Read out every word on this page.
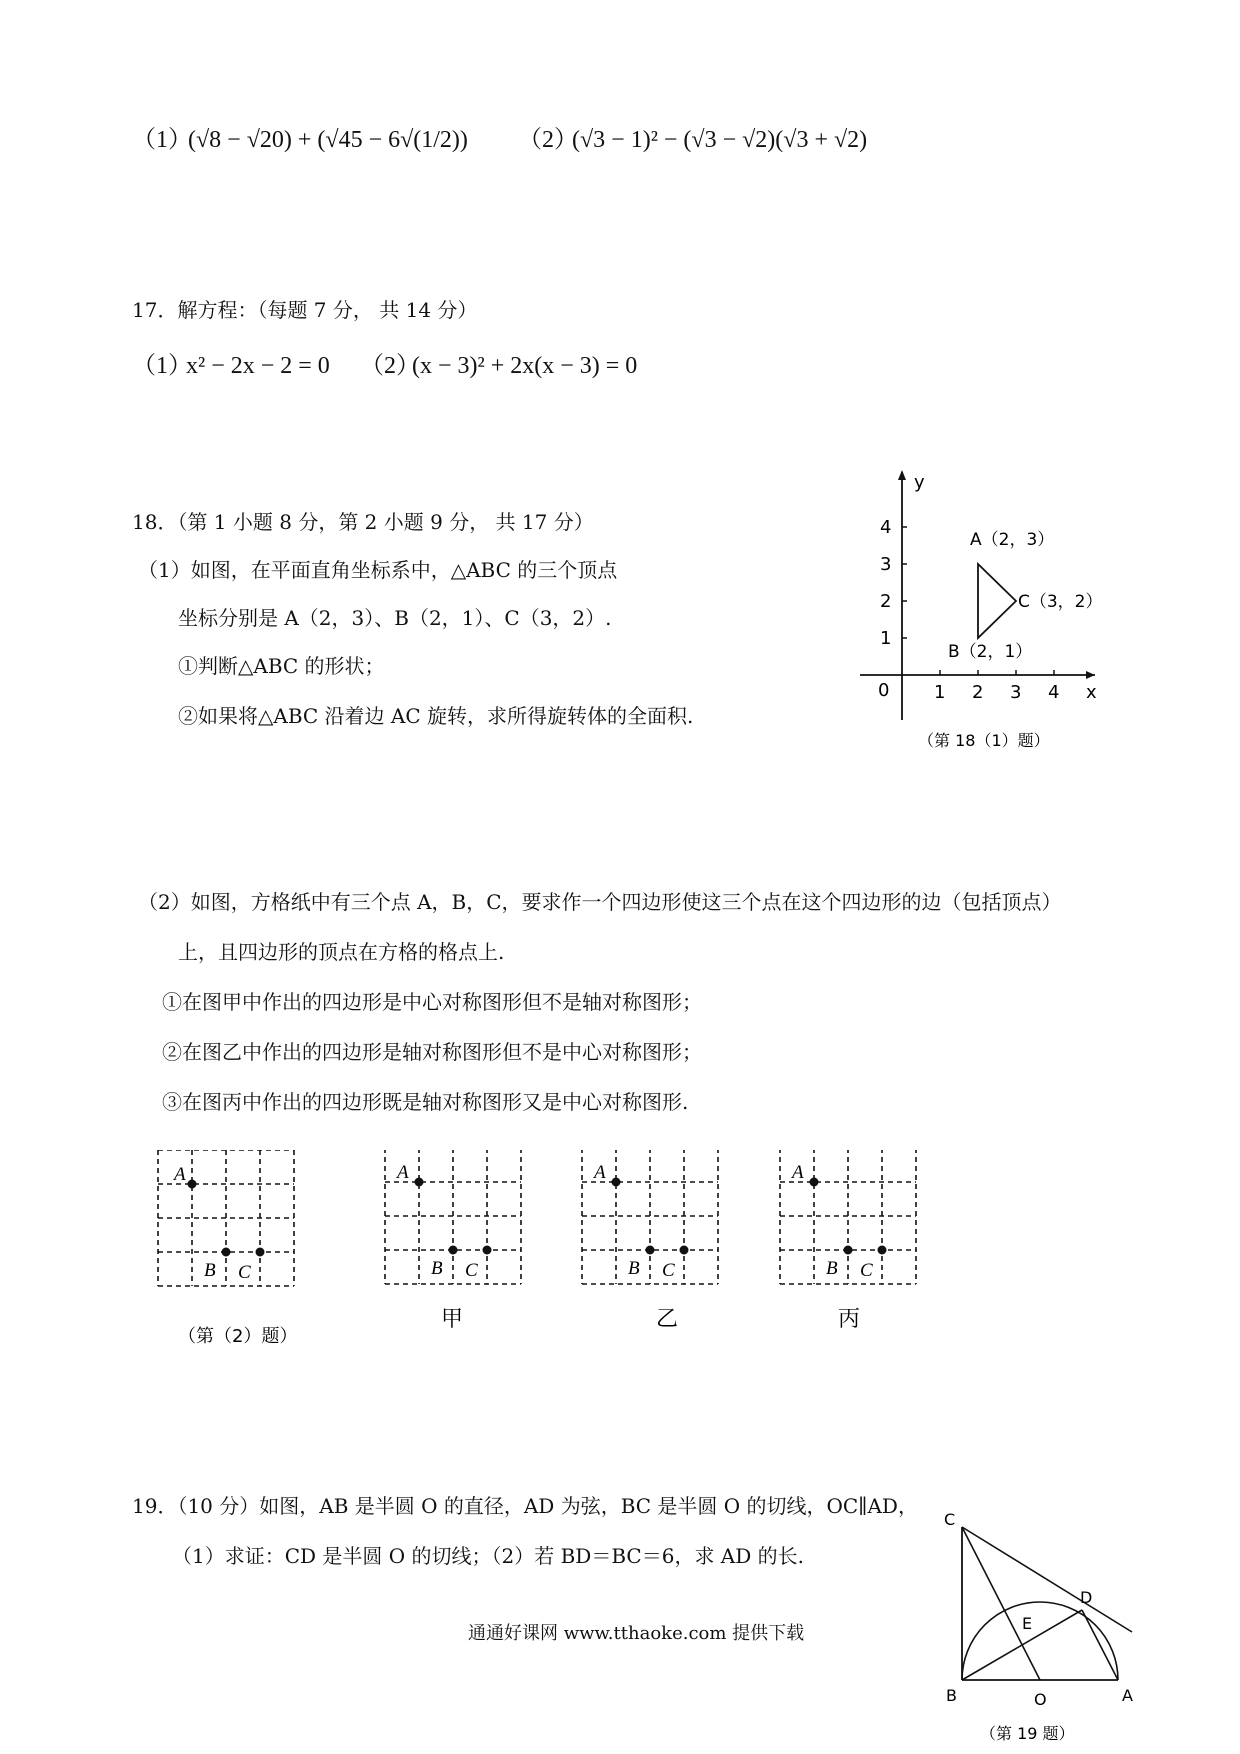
（1）
(√8 − √20) + (√45 − 6√(1/2)) （2）
(√3 − 1)² − (√3 − √2)(√3 + √2)
17．解方程：（每题 7 分， 共 14 分）
（1）
x² − 2x − 2 = 0 （2）
(x − 3)² + 2x(x − 3) = 0
18．（第 1 小题 8 分，第 2 小题 9 分， 共 17 分）
（1）如图，在平面直角坐标系中，△ABC 的三个顶点
坐标分别是 A（2，3）、B（2，1）、C（3，2）.
①判断△ABC 的形状；
②如果将△ABC 沿着边 AC 旋转，求所得旋转体的全面积.
y
x
0 1 2 3 4
1
2
3
4
A（2，3）
C（3，2）
B（2，1）
（第 18（1）题）
（2）如图，方格纸中有三个点 A，B，C，要求作一个四边形使这三个点在这个四边形的边（包括顶点）
上，且四边形的顶点在方格的格点上.
①在图甲中作出的四边形是中心对称图形但不是轴对称图形；
②在图乙中作出的四边形是轴对称图形但不是中心对称图形；
③在图丙中作出的四边形既是轴对称图形又是中心对称图形.
A
B C
（第（2）题）
A
B C
甲
A
B C
乙
A
B C
丙
19．（10 分）如图，AB 是半圆 O 的直径，AD 为弦，BC 是半圆 O 的切线，OC∥AD，
（1）求证：CD 是半圆 O 的切线；（2）若 BD＝BC＝6，求 AD 的长.
C
D
E
B	O	A
（第 19 题）
通通好课网 www.tthaoke.com 提供下载
